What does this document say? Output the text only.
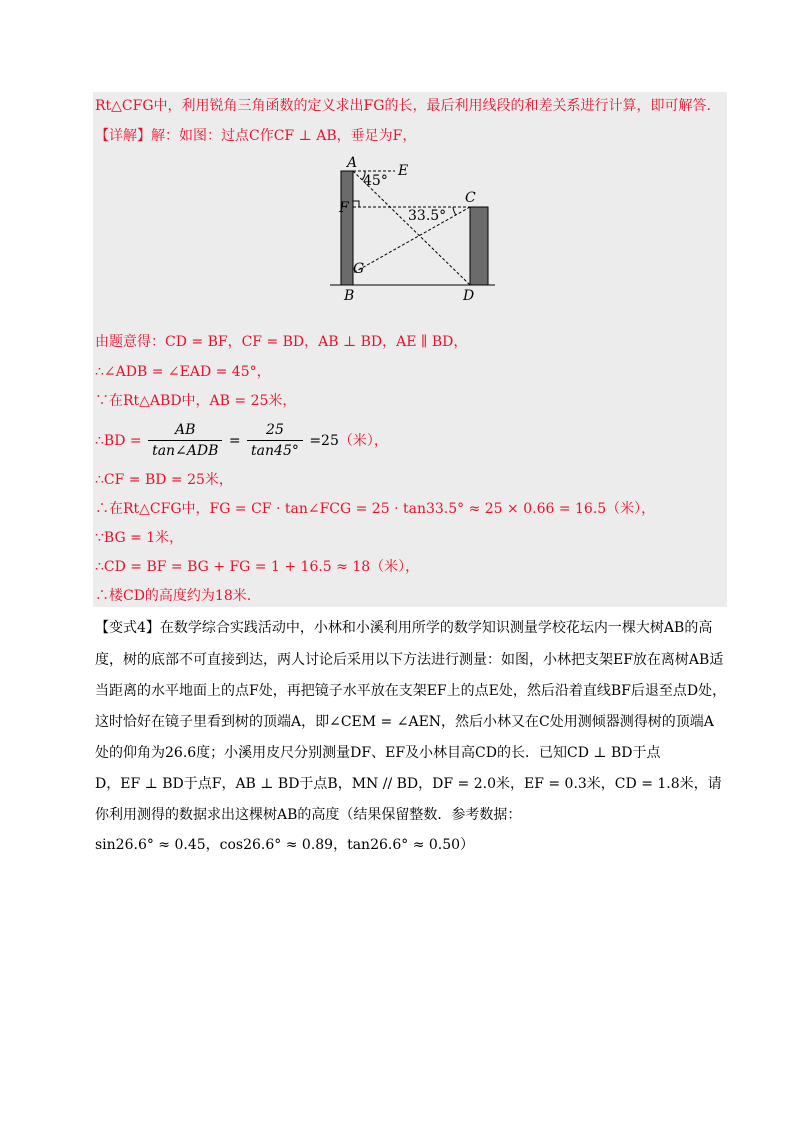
Rt△CFG中，利用锐角三角函数的定义求出FG的长，最后利用线段的和差关系进行计算，即可解答.
【详解】解：如图：过点C作CF ⊥ AB，垂足为F，
A	E
F
C
G
B	D
45°
33.5°
由题意得：CD = BF，CF = BD，AB ⊥ BD，AE ∥ BD，
∴∠ADB = ∠EAD = 45°，
∵在Rt△ABD中，AB = 25米，
∴BD = $\frac{AB}{\text{tan∠ADB}} = \frac{25}{\tan 45^\circ} =25$（米），
∴CF = BD = 25米，
∴在Rt△CFG中，FG = CF · tan∠FCG = 25 · tan33.5° ≈ 25 × 0.66 = 16.5（米），
∵BG = 1米，
∴CD = BF = BG + FG = 1 + 16.5 ≈ 18（米），
∴楼CD的高度约为18米.
【变式4】在数学综合实践活动中，小林和小溪利用所学的数学知识测量学校花坛内一棵大树AB的高
度，树的底部不可直接到达，两人讨论后采用以下方法进行测量：如图，小林把支架EF放在离树AB适
当距离的水平地面上的点F处，再把镜子水平放在支架EF上的点E处，然后沿着直线BF后退至点D处，
这时恰好在镜子里看到树的顶端A，即∠CEM = ∠AEN，然后小林又在C处用测倾器测得树的顶端A
处的仰角为26.6度；小溪用皮尺分别测量DF、EF及小林目高CD的长．已知CD ⊥ BD于点
D，EF ⊥ BD于点F，AB ⊥ BD于点B，MN // BD，DF = 2.0米，EF = 0.3米，CD = 1.8米，请
你利用测得的数据求出这棵树AB的高度（结果保留整数．参考数据：
sin26.6° ≈ 0.45，cos26.6° ≈ 0.89，tan26.6° ≈ 0.50）
